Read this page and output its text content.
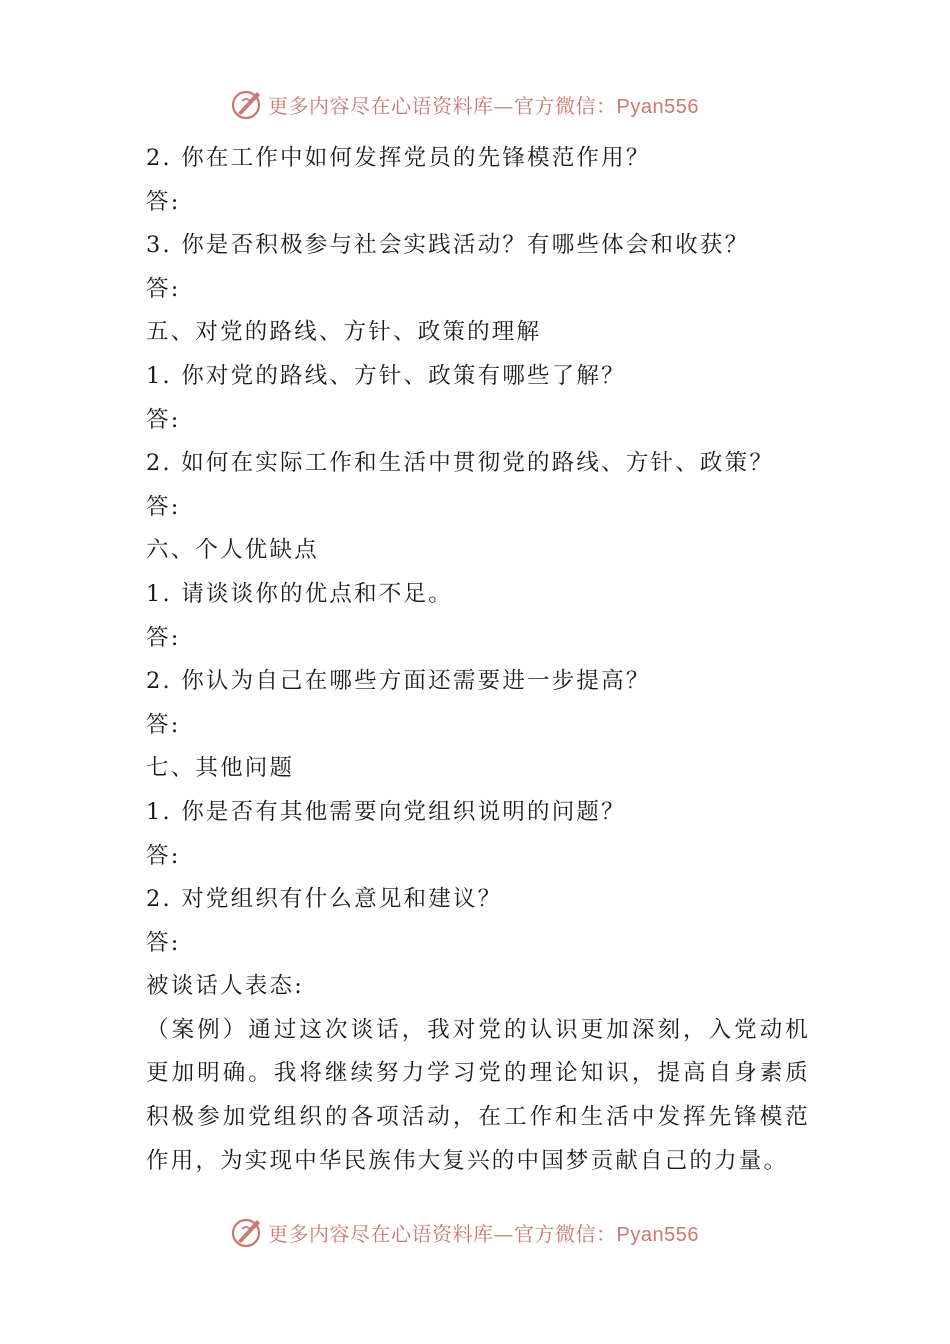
更多内容尽在心语资料库—官方微信：Pyan556
2. 你在工作中如何发挥党员的先锋模范作用？
答:
3. 你是否积极参与社会实践活动？有哪些体会和收获？
答:
五、对党的路线、方针、政策的理解
1. 你对党的路线、方针、政策有哪些了解？
答:
2. 如何在实际工作和生活中贯彻党的路线、方针、政策？
答:
六、个人优缺点
1. 请谈谈你的优点和不足。
答:
2. 你认为自己在哪些方面还需要进一步提高？
答:
七、其他问题
1. 你是否有其他需要向党组织说明的问题？
答:
2. 对党组织有什么意见和建议？
答:
被谈话人表态:

（案例）通过这次谈话，我对党的认识更加深刻，入党动机更加明确。我将继续努力学习党的理论知识，提高自身素质积极参加党组织的各项活动，在工作和生活中发挥先锋模范作用，为实现中华民族伟大复兴的中国梦贡献自己的力量。

更多内容尽在心语资料库—官方微信：Pyan556
